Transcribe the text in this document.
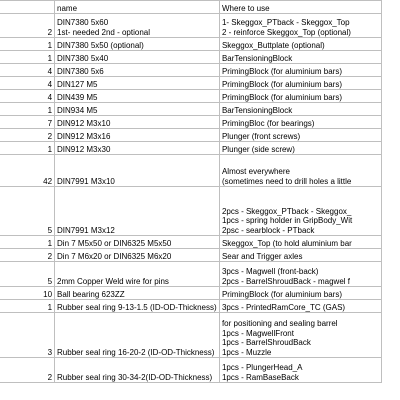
	name	Where to use
2	DIN7380 5x60
1st- needed 2nd - optional	1- Skeggox_PTback - Skeggox_Top
2 - reinforce Skeggox_Top (optional)

1	DIN7380 5x50 (optional)	Skeggox_Buttplate (optional)

1	DIN7380 5x40	BarTensioningBlock

4	DIN7380 5x6	PrimingBlock (for aluminium bars)

4	DIN127 M5	PrimingBlock (for aluminium bars)

4	DIN439 M5	PrimingBlock (for aluminium bars)

1	DIN934 M5	BarTensioningBlock

7	DIN912 M3x10	PrimingBloc (for bearings)

2	DIN912 M3x16	Plunger (front screws)

1	DIN912 M3x30	Plunger (side screw)

42	DIN7991 M3x10	Almost everywhere
(sometimes need to drill holes a little

5	DIN7991 M3x12	2pcs - Skeggox_PTback - Skeggox_
1pcs - spring holder in GripBody_Wit
2psc - searblock - PTback

1	Din 7 M5x50 or DIN6325 M5x50	Skeggox_Top (to hold aluminium bar

2	Din 7 M6x20 or DIN6325 M6x20	Sear and Trigger axles

5	2mm Copper Weld wire for pins	3pcs - Magwell (front-back)
2pcs - BarrelShroudBack - magwel f

10	Ball bearing 623ZZ	PrimingBlock (for aluminium bars)

1	Rubber seal ring 9-13-1.5 (ID-OD-Thickness)	3pcs - PrintedRamCore_TC (GAS)

3	Rubber seal ring 16-20-2 (ID-OD-Thickness)	for positioning and sealing barrel
1pcs - MagwellFront
1pcs - BarrelShroudBack
1pcs - Muzzle

2	Rubber seal ring 30-34-2(ID-OD-Thickness)	1pcs - PlungerHead_A
1pcs - RamBaseBack
